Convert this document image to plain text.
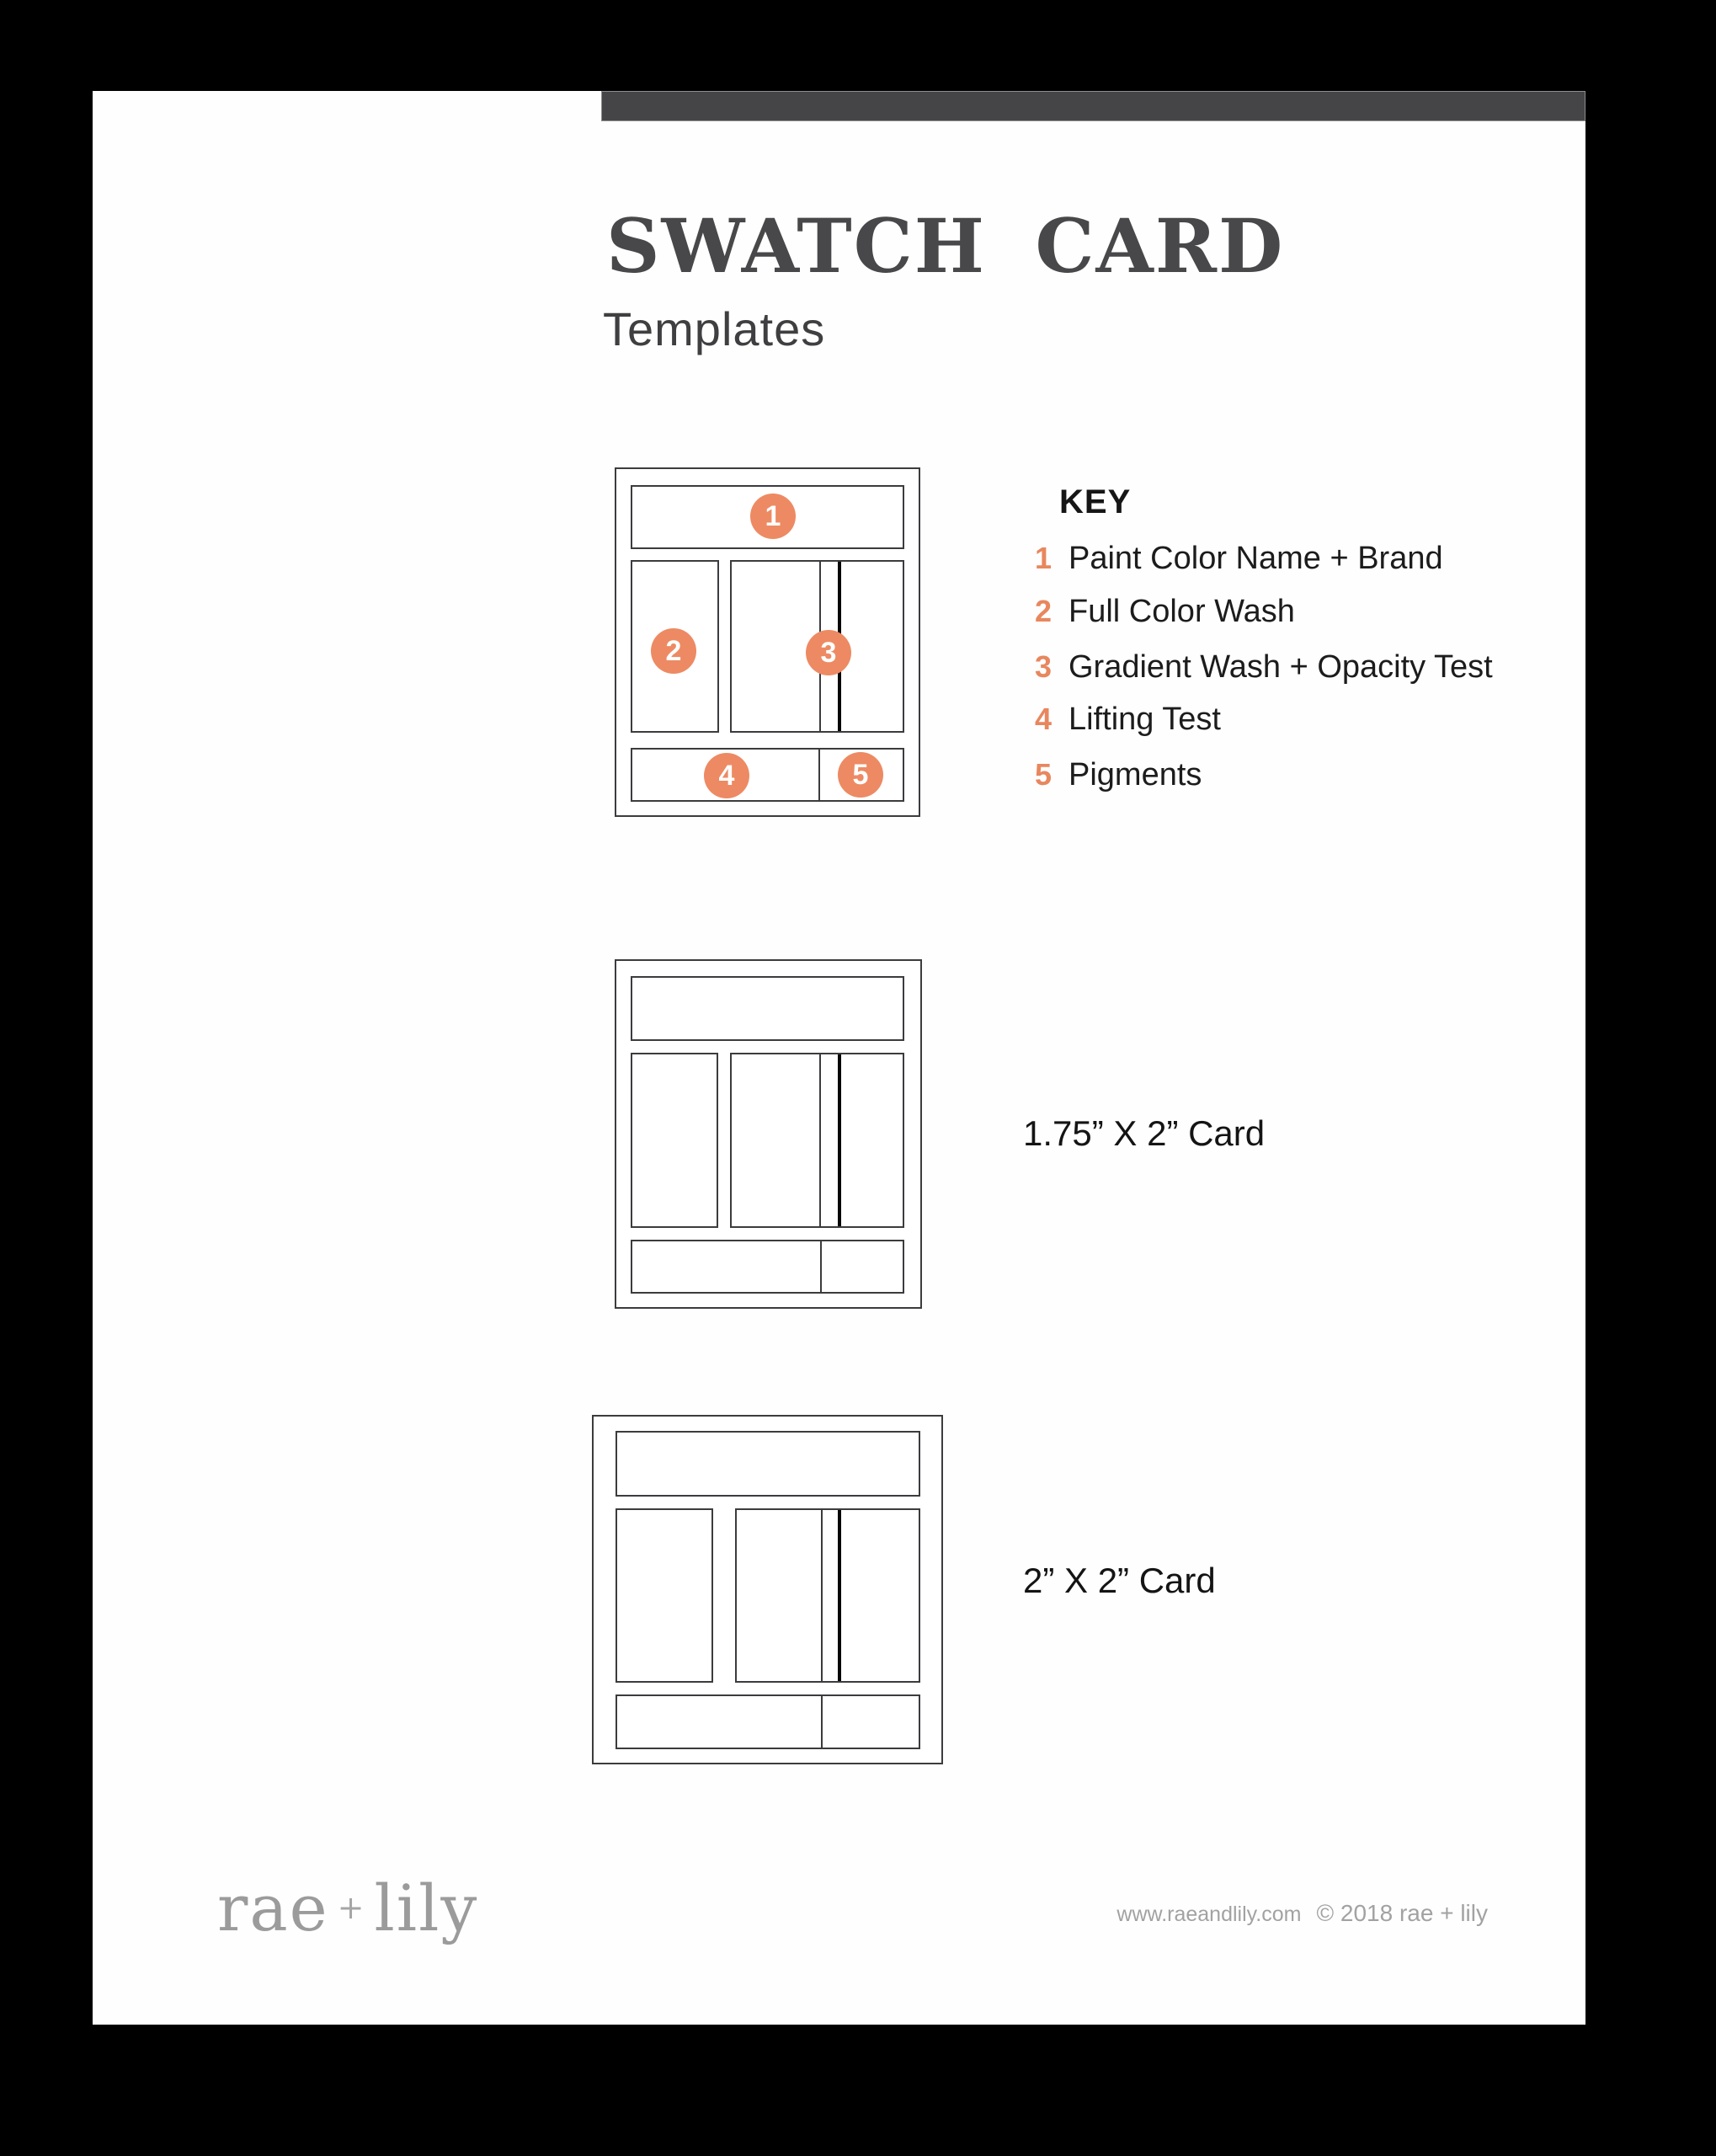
SWATCH CARD
Templates
1
2	3
4	5
KEY
1 Paint Color Name + Brand
2 Full Color Wash
3 Gradient Wash + Opacity Test
4 Lifting Test
5 Pigments
1.75” X 2” Card
2” X 2” Card
rae + lily	www.raeandlily.com © 2018 rae + lily
